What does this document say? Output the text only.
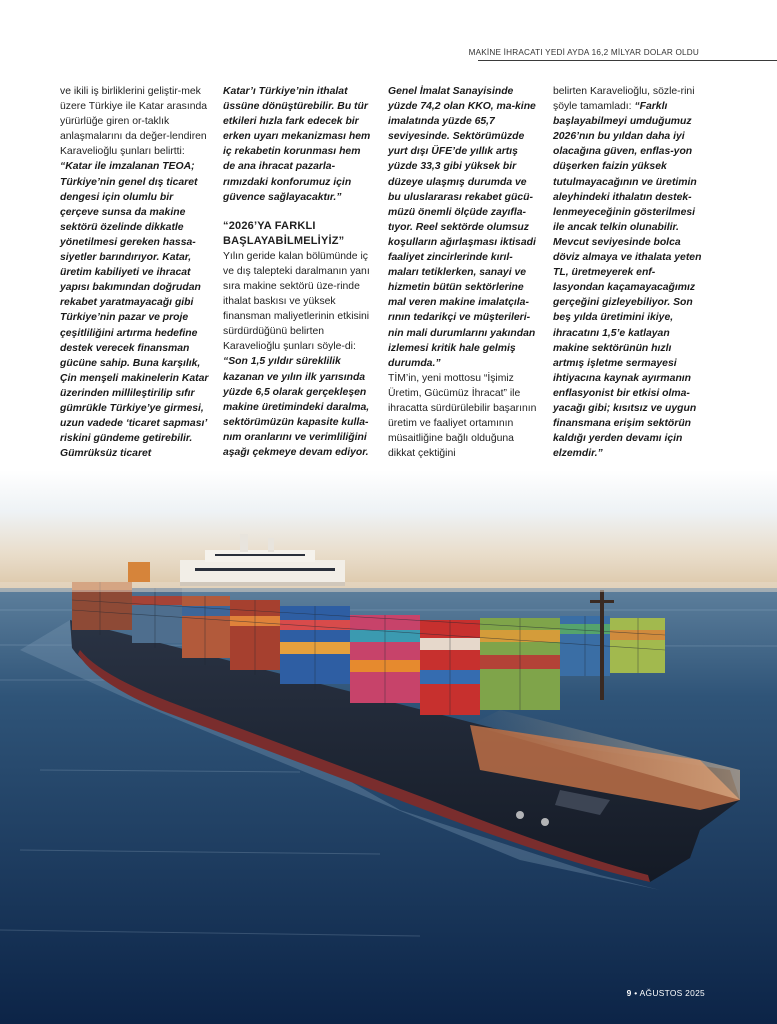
MAKİNE İHRACATI YEDİ AYDA 16,2 MİLYAR DOLAR OLDU

ve ikili iş birliklerini geliştir-mek üzere Türkiye ile Katar arasında yürürlüğe giren or-taklık anlaşmalarını da değer-lendiren Karavelioğlu şunları belirtti: “Katar ile imzalanan TEOA; Türkiye’nin genel dış ticaret dengesi için olumlu bir çerçeve sunsa da makine sektörü özelinde dikkatle yönetilmesi gereken hassa-siyetler barındırıyor. Katar, üretim kabiliyeti ve ihracat yapısı bakımından doğrudan rekabet yaratmayacağı gibi Türkiye’nin pazar ve proje çeşitliliğini artırma hedefine destek verecek finansman gücüne sahip. Buna karşılık, Çin menşeli makinelerin Katar üzerinden millileştirilip sıfır gümrükle Türkiye’ye girmesi, uzun vadede ‘ticaret sapması’ riskini gündeme getirebilir. Gümrüksüz ticaret

Katar’ı Türkiye’nin ithalat üssüne dönüştürebilir. Bu tür etkileri hızla fark edecek bir erken uyarı mekanizması hem iç rekabetin korunması hem de ana ihracat pazarla-rımızdaki konforumuz için güvence sağlayacaktır.”

“2026’YA FARKLI BAŞLAYABİLMELİYİZ”

Yılın geride kalan bölümünde iç ve dış talepteki daralmanın yanı sıra makine sektörü üze-rinde ithalat baskısı ve yüksek finansman maliyetlerinin etkisini sürdürdüğünü belirten Karavelioğlu şunları söyle-di: “Son 1,5 yıldır süreklilik kazanan ve yılın ilk yarısında yüzde 6,5 olarak gerçekleşen makine üretimindeki daralma, sektörümüzün kapasite kulla-nım oranlarını ve verimliliğini aşağı çekmeye devam ediyor.

Genel İmalat Sanayisinde yüzde 74,2 olan KKO, ma-kine imalatında yüzde 65,7 seviyesinde. Sektörümüzde yurt dışı ÜFE’de yıllık artış yüzde 33,3 gibi yüksek bir düzeye ulaşmış durumda ve bu uluslararası rekabet gücü-müzü önemli ölçüde zayıfla-tıyor. Reel sektörde olumsuz koşulların ağırlaşması iktisadi faaliyet zincirlerinde kırıl-maları tetiklerken, sanayi ve hizmetin bütün sektörlerine mal veren makine imalatçıla-rının tedarikçi ve müşterileri-nin mali durumlarını yakından izlemesi kritik hale gelmiş durumda.”

TİM’in, yeni mottosu “İşimiz Üretim, Gücümüz İhracat” ile ihracatta sürdürülebilir başarının üretim ve faaliyet ortamının müsaitliğine bağlı olduğuna dikkat çektiğini

belirten Karavelioğlu, sözle-rini şöyle tamamladı: “Farklı başlayabilmeyi umduğumuz 2026’nın bu yıldan daha iyi olacağına güven, enflas-yon düşerken faizin yüksek tutulmayacağının ve üretimin aleyhindeki ithalatın destek-lenmeyeceğinin gösterilmesi ile ancak telkin olunabilir. Mevcut seviyesinde bolca döviz almaya ve ithalata yeten TL, üretmeyerek enf-lasyondan kaçamayacağımız gerçeğini gizleyebiliyor. Son beş yılda üretimini ikiye, ihracatını 1,5’e katlayan makine sektörünün hızlı artmış işletme sermayesi ihtiyacına kaynak ayırmanın enflasyonist bir etkisi olma-yacağı gibi; kısıtsız ve uygun finansmana erişim sektörün kaldığı yerden devamı için elzemdir.”

9 • AĞUSTOS 2025
